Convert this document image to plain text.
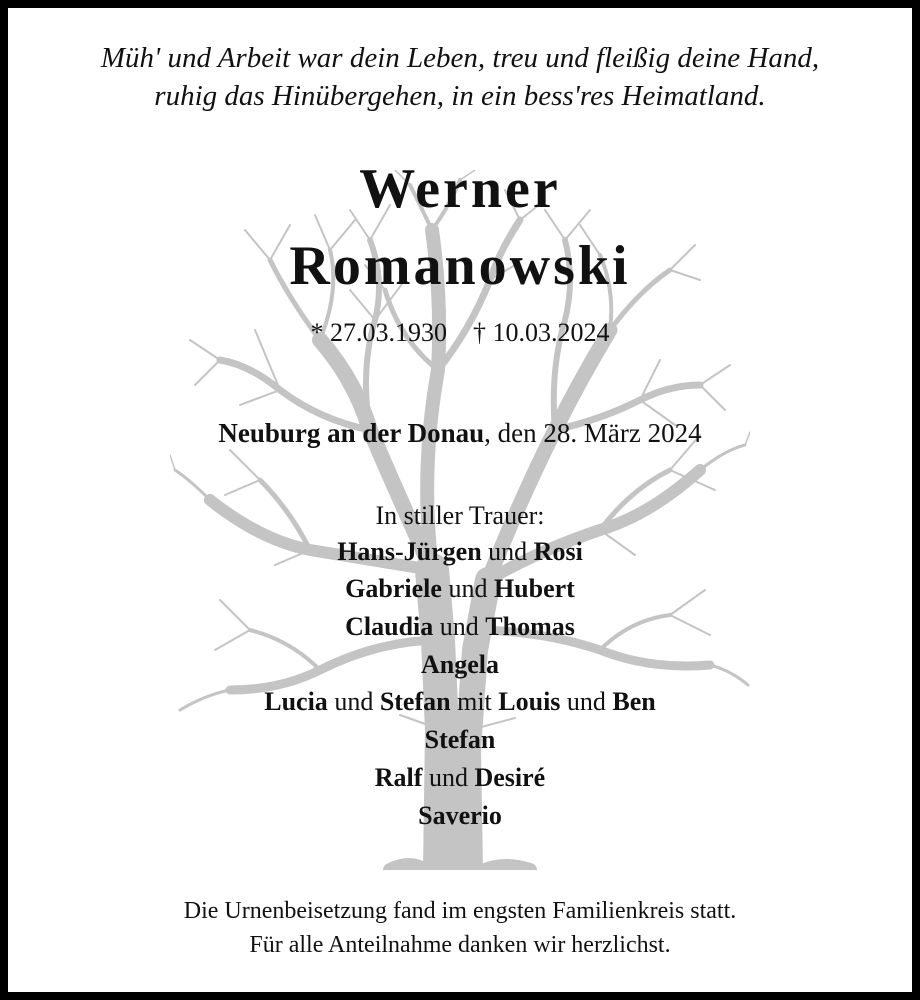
Müh' und Arbeit war dein Leben, treu und fleißig deine Hand,
ruhig das Hinübergehen, in ein bess'res Heimatland.
Werner
Romanowski
* 27.03.1930 † 10.03.2024
Neuburg an der Donau, den 28. März 2024
In stiller Trauer:
Hans-Jürgen und Rosi
Gabriele und Hubert
Claudia und Thomas
Angela
Lucia und Stefan mit Louis und Ben
Stefan
Ralf und Desiré
Saverio
Die Urnenbeisetzung fand im engsten Familienkreis statt.
Für alle Anteilnahme danken wir herzlichst.
